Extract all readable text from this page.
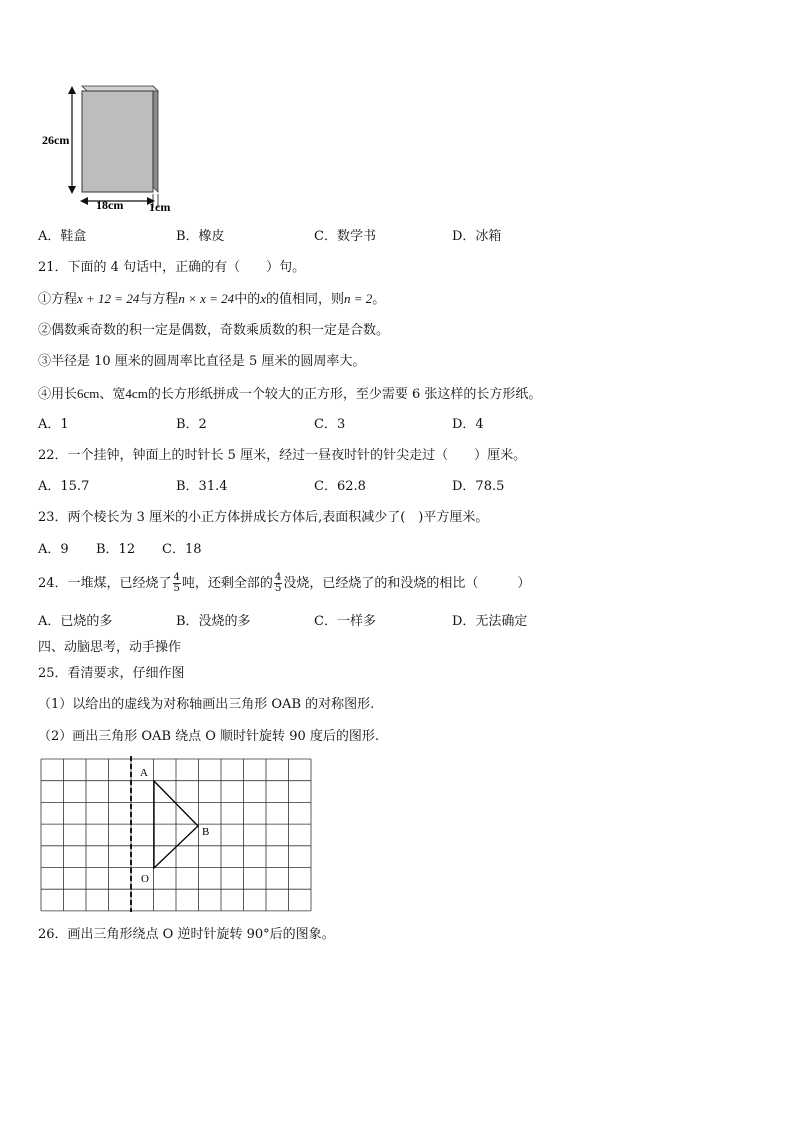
26cm
18cm 1cm
A．鞋盒	B．橡皮	C．数学书	D．冰箱
21．下面的 4 句话中，正确的有（　　）句。
①方程x + 12 = 24与方程n × x = 24中的x的值相同，则n = 2。
②偶数乘奇数的积一定是偶数，奇数乘质数的积一定是合数。
③半径是 10 厘米的圆周率比直径是 5 厘米的圆周率大。
④用长6cm、宽4cm的长方形纸拼成一个较大的正方形，至少需要 6 张这样的长方形纸。
A．1	B．2	C．3	D．4
22．一个挂钟，钟面上的时针长 5 厘米，经过一昼夜时针的针尖走过（　　）厘米。
A．15.7	B．31.4	C．62.8	D．78.5
23．两个棱长为 3 厘米的小正方体拼成长方体后,表面积减少了(　)平方厘米。
A．9 B．12 C．18
24．一堆煤，已经烧了 $\frac{4}{5}$ 吨，还剩全部的 $\frac{4}{5}$ 没烧，已经烧了的和没烧的相比（　　　）
A．已烧的多	B．没烧的多	C．一样多	D．无法确定
四、动脑思考，动手操作
25．看清要求，仔细作图
（1）以给出的虚线为对称轴画出三角形 OAB 的对称图形.
（2）画出三角形 OAB 绕点 O 顺时针旋转 90 度后的图形.
A
B
O
26．画出三角形绕点 O 逆时针旋转 90°后的图象。
